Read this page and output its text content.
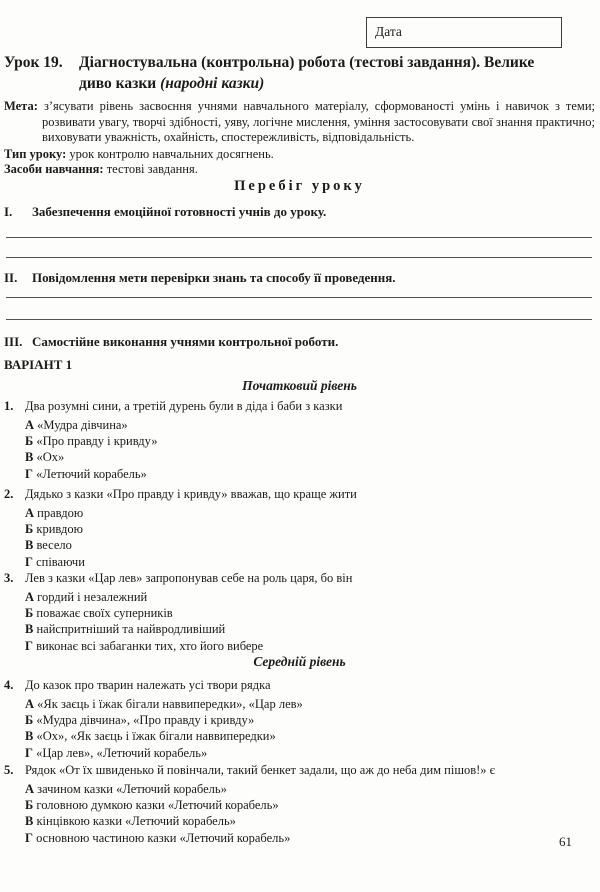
Дата
Урок 19.	Діагностувальна (контрольна) робота (тестові завдання). Велике
диво казки (народні казки)

Мета: з’ясувати рівень засвоєння учнями навчального матеріалу, сформованості умінь і навичок з теми; розвивати увагу, творчі здібності, уяву, логічне мислення, уміння застосовувати свої знання практично; виховувати уважність, охайність, спостережливість, відповідальність.

Тип уроку: урок контролю навчальних досягнень.
Засоби навчання: тестові завдання.
Перебіг уроку
I.	Забезпечення емоційної готовності учнів до уроку.
II.	Повідомлення мети перевірки знань та способу її проведення.
III. Самостійне виконання учнями контрольної роботи.
ВАРІАНТ 1
Початковий рівень
1. Два розумні сини, а третій дурень були в діда і баби з казки
А «Мудра дівчина»
Б «Про правду і кривду»
В «Ох»
Г «Летючий корабель»
2. Дядько з казки «Про правду і кривду» вважав, що краще жити
А правдою
Б кривдою
В весело
Г співаючи
3. Лев з казки «Цар лев» запропонував себе на роль царя, бо він
А гордий і незалежний
Б поважає своїх суперників
В найспритніший та найвродливіший
Г виконає всі забаганки тих, хто його вибере
Середній рівень
4. До казок про тварин належать усі твори рядка
А «Як заєць і їжак бігали наввипередки», «Цар лев»
Б «Мудра дівчина», «Про правду і кривду»
В «Ох», «Як заєць і їжак бігали наввипередки»
Г «Цар лев», «Летючий корабель»
5. Рядок «От їх швиденько й повінчали, такий бенкет задали, що аж до неба дим пішов!» є
А зачином казки «Летючий корабель»
Б головною думкою казки «Летючий корабель»
В кінцівкою казки «Летючий корабель»
Г основною частиною казки «Летючий корабель»	61
